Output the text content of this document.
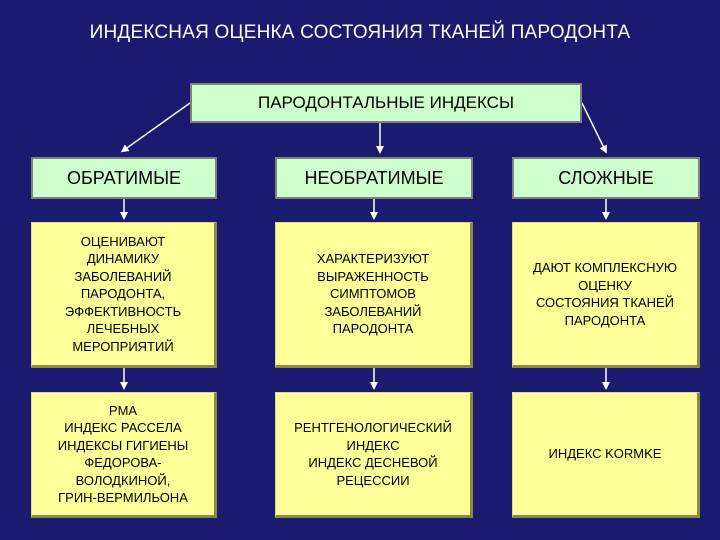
ИНДЕКСНАЯ ОЦЕНКА СОСТОЯНИЯ ТКАНЕЙ ПАРОДОНТА
ПАРОДОНТАЛЬНЫЕ ИНДЕКСЫ
ОБРАТИМЫЕ	НЕОБРАТИМЫЕ	СЛОЖНЫЕ
ОЦЕНИВАЮТ
ДИНАМИКУ
ЗАБОЛЕВАНИЙ
ПАРОДОНТА,
ЭФФЕКТИВНОСТЬ
ЛЕЧЕБНЫХ
МЕРОПРИЯТИЙ
ХАРАКТЕРИЗУЮТ
ВЫРАЖЕННОСТЬ
СИМПТОМОВ
ЗАБОЛЕВАНИЙ
ПАРОДОНТА
ДАЮТ КОМПЛЕКСНУЮ
ОЦЕНКУ
СОСТОЯНИЯ ТКАНЕЙ
ПАРОДОНТА
PMA
ИНДЕКС РАССЕЛА
ИНДЕКСЫ ГИГИЕНЫ
ФЕДОРОВА-
ВОЛОДКИНОЙ,
ГРИН-ВЕРМИЛЬОНА
РЕНТГЕНОЛОГИЧЕСКИЙ
ИНДЕКС
ИНДЕКС ДЕСНЕВОЙ
РЕЦЕССИИ
ИНДЕКС KORMKE
